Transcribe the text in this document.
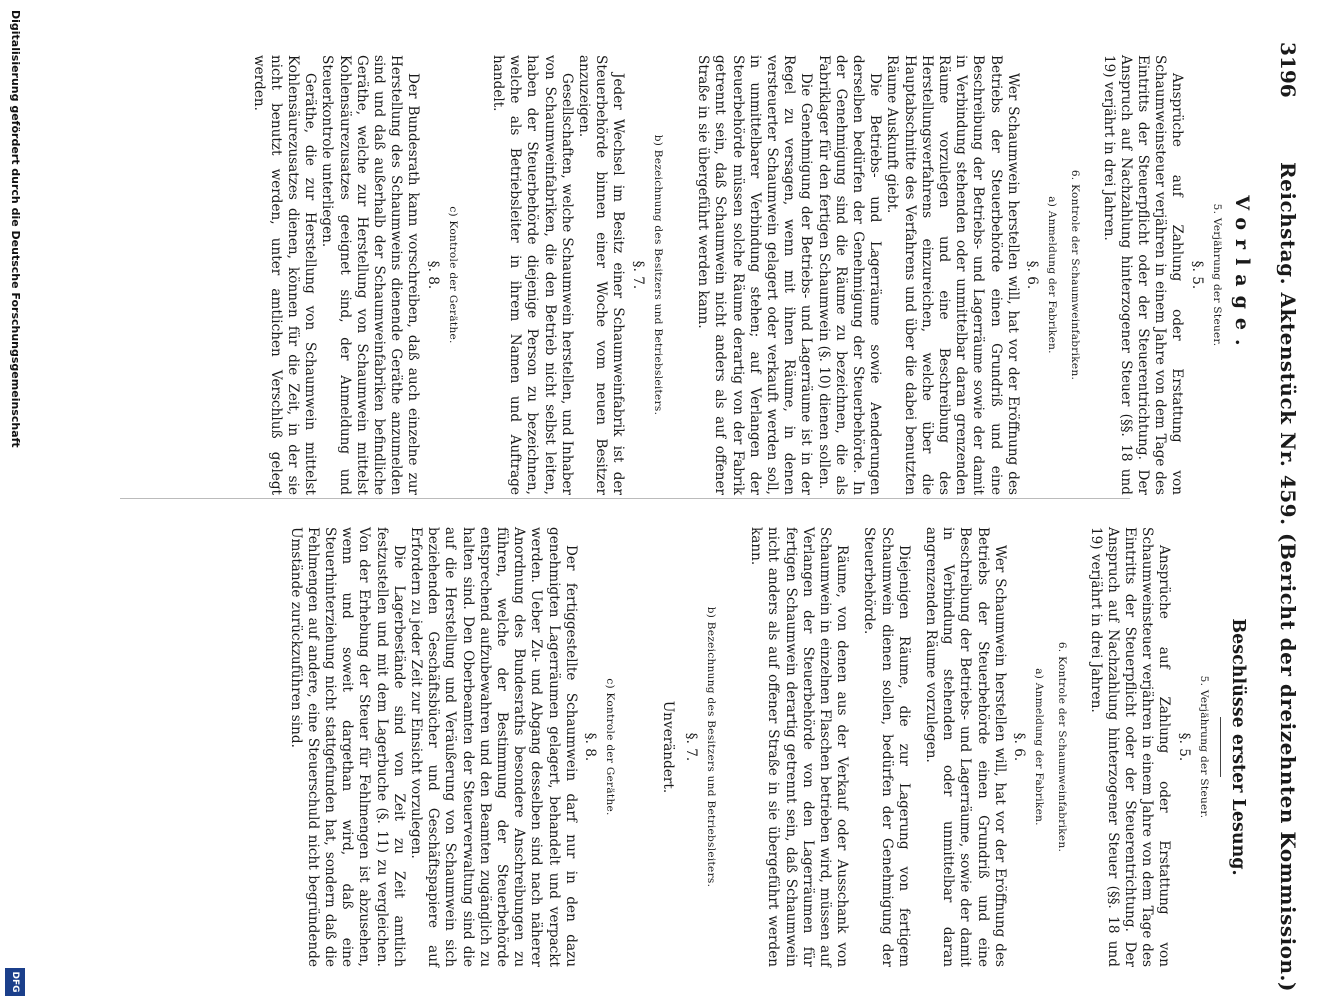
3196
Reichstag. Aktenstück Nr. 459. (Bericht der dreizehnten Kommission.)
Vorlage.
5. Verjährung der Steuer.
§. 5.

Ansprüche auf Zahlung oder Erstattung von Schaumweinsteuer verjähren in einem Jahre von dem Tage des Eintritts der Steuerpflicht oder der Steuerentrichtung. Der Anspruch auf Nachzahlung hinterzogener Steuer (§§. 18 und 19) verjährt in drei Jahren.

6. Kontrole der Schaumweinfabriken.
a) Anmeldung der Fabriken.
§. 6.

Wer Schaumwein herstellen will, hat vor der Eröffnung des Betriebs der Steuerbehörde einen Grundriß und eine Beschreibung der Betriebs- und Lagerräume sowie der damit in Verbindung stehenden oder unmittelbar daran grenzenden Räume vorzulegen und eine Beschreibung des Herstellungsverfahrens einzureichen, welche über die Hauptabschnitte des Verfahrens und über die dabei benutzten Räume Auskunft giebt.

Die Betriebs- und Lagerräume sowie Aenderungen derselben bedürfen der Genehmigung der Steuerbehörde. In der Genehmigung sind die Räume zu bezeichnen, die als Fabriklager für den fertigen Schaumwein (§. 10) dienen sollen.

Die Genehmigung der Betriebs- und Lagerräume ist in der Regel zu versagen, wenn mit ihnen Räume, in denen versteuerter Schaumwein gelagert oder verkauft werden soll, in unmittelbarer Verbindung stehen; auf Verlangen der Steuerbehörde müssen solche Räume derartig von der Fabrik getrennt sein, daß Schaumwein nicht anders als auf offener Straße in sie übergeführt werden kann.

b) Bezeichnung des Besitzers und Betriebsleiters.
§. 7.

Jeder Wechsel im Besitz einer Schaumweinfabrik ist der Steuerbehörde binnen einer Woche vom neuen Besitzer anzuzeigen.

Gesellschaften, welche Schaumwein herstellen, und Inhaber von Schaumweinfabriken, die den Betrieb nicht selbst leiten, haben der Steuerbehörde diejenige Person zu bezeichnen, welche als Betriebsleiter in ihrem Namen und Auftrage handelt.

c) Kontrole der Geräthe.
§. 8.

Der Bundesrath kann vorschreiben, daß auch einzelne zur Herstellung des Schaumweins dienende Geräthe anzumelden sind und daß außerhalb der Schaumweinfabriken befindliche Geräthe, welche zur Herstellung von Schaumwein mittelst Kohlensäurezusatzes geeignet sind, der Anmeldung und Steuerkontrole unterliegen.

Geräthe, die zur Herstellung von Schaumwein mittelst Kohlensäurezusatzes dienen, können für die Zeit, in der sie nicht benutzt werden, unter amtlichen Verschluß gelegt werden.

Beschlüsse erster Lesung.
5. Verjährung der Steuer.
§. 5.

Ansprüche auf Zahlung oder Erstattung von Schaumweinsteuer verjähren in einem Jahre von dem Tage des Eintritts der Steuerpflicht oder der Steuerentrichtung. Der Anspruch auf Nachzahlung hinterzogener Steuer (§§. 18 und 19) verjährt in drei Jahren.

6. Kontrole der Schaumweinfabriken.
a) Anmeldung der Fabriken.
§. 6.

Wer Schaumwein herstellen will, hat vor der Eröffnung des Betriebs der Steuerbehörde einen Grundriß und eine Beschreibung der Betriebs- und Lagerräume, sowie der damit in Verbindung stehenden oder unmittelbar daran angrenzenden Räume vorzulegen.

Diejenigen Räume, die zur Lagerung von fertigem Schaumwein dienen sollen, bedürfen der Genehmigung der Steuerbehörde.

Räume, von denen aus der Verkauf oder Ausschank von Schaumwein in einzelnen Flaschen betrieben wird, müssen auf Verlangen der Steuerbehörde von den Lagerräumen für fertigen Schaumwein derartig getrennt sein, daß Schaumwein nicht anders als auf offener Straße in sie übergeführt werden kann.

b) Bezeichnung des Besitzers und Betriebsleiters.
§. 7.
Unverändert.
c) Kontrole der Geräthe.
§. 8.

Der fertiggestellte Schaumwein darf nur in den dazu genehmigten Lagerräumen gelagert, behandelt und verpackt werden. Ueber Zu- und Abgang desselben sind nach näherer Anordnung des Bundesraths besondere Anschreibungen zu führen, welche der Bestimmung der Steuerbehörde entsprechend aufzubewahren und den Beamten zugänglich zu halten sind. Den Oberbeamten der Steuerverwaltung sind die auf die Herstellung und Veräußerung von Schaumwein sich beziehenden Geschäftsbücher und Geschäftspapiere auf Erfordern zu jeder Zeit zur Einsicht vorzulegen.

Die Lagerbestände sind von Zeit zu Zeit amtlich festzustellen und mit dem Lagerbuche (§. 11) zu vergleichen. Von der Erhebung der Steuer für Fehlmengen ist abzusehen, wenn und soweit dargethan wird, daß eine Steuerhinterziehung nicht stattgefunden hat, sondern daß die Fehlmengen auf andere, eine Steuerschuld nicht begründende Umstände zurückzuführen sind.

Digitalisierung gefördert durch die Deutsche Forschungsgemeinschaft
DFG
